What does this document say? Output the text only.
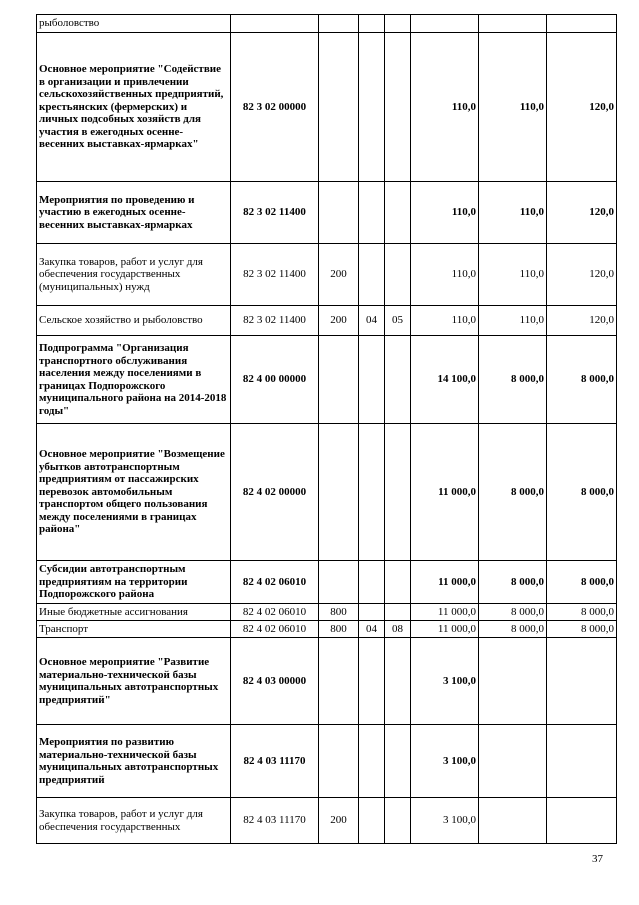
рыболовство							
Основное мероприятие "Содействие в организации и привлечении сельскохозяйственных предприятий, крестьянских (фермерских) и личных подсобных хозяйств для участия в ежегодных осенне-весенних выставках-ярмарках"	82 3 02 00000				110,0	110,0	120,0
Мероприятия по проведению и участию в ежегодных осенне-весенних выставках-ярмарках	82 3 02 11400				110,0	110,0	120,0
Закупка товаров, работ и услуг для обеспечения государственных (муниципальных) нужд	82 3 02 11400	200			110,0	110,0	120,0
Сельское хозяйство и рыболовство	82 3 02 11400	200	04	05	110,0	110,0	120,0
Подпрограмма "Организация транспортного обслуживания населения между поселениями в границах Подпорожского муниципального района на 2014-2018 годы"	82 4 00 00000				14 100,0	8 000,0	8 000,0
Основное мероприятие "Возмещение убытков автотранспортным предприятиям от пассажирских перевозок автомобильным транспортом общего пользования между поселениями в границах района"	82 4 02 00000				11 000,0	8 000,0	8 000,0
Субсидии автотранспортным предприятиям на территории Подпорожского района	82 4 02 06010				11 000,0	8 000,0	8 000,0
Иные бюджетные ассигнования	82 4 02 06010	800			11 000,0	8 000,0	8 000,0
Транспорт	82 4 02 06010	800	04	08	11 000,0	8 000,0	8 000,0
Основное мероприятие "Развитие материально-технической базы муниципальных автотранспортных предприятий"	82 4 03 00000				3 100,0		
Мероприятия по развитию материально-технической базы муниципальных автотранспортных предприятий	82 4 03 11170				3 100,0		
Закупка товаров, работ и услуг для обеспечения государственных	82 4 03 11170	200			3 100,0		
37
